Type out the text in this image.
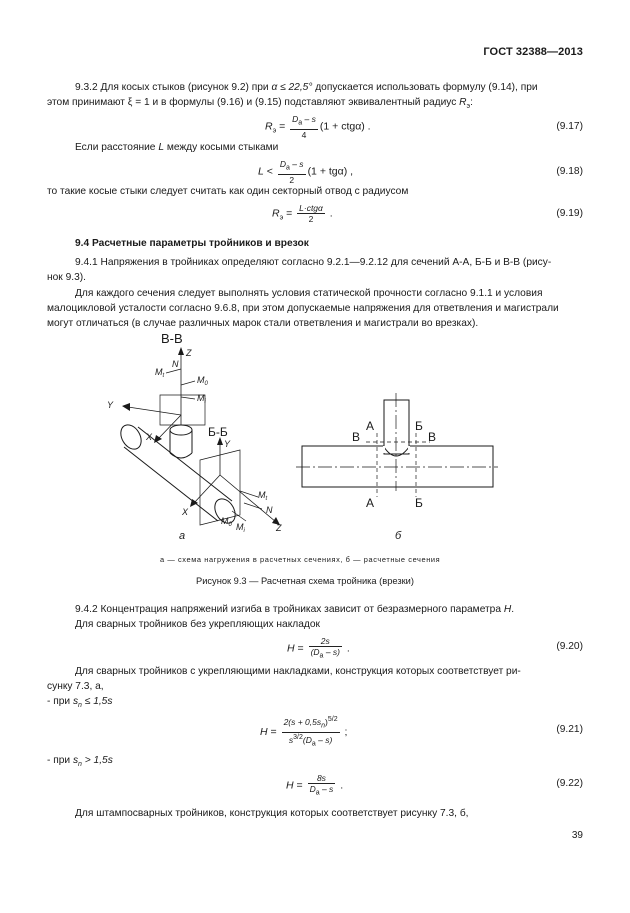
ГОСТ 32388—2013
9.3.2 Для косых стыков (рисунок 9.2) при α ≤ 22,5° допускается использовать формулу (9.14), при
этом принимают ξ = 1 и в формулы (9.16) и (9.15) подставляют эквивалентный радиус $R_э$:
$R_э = \frac{D_a - s}{4} (1 + ctg\alpha)$ .	(9.17)
Если расстояние L между косыми стыками
$L < \frac{D_a - s}{2} (1 + tg\alpha)$ ,	(9.18)
то такие косые стыки следует считать как один секторный отвод с радиусом
$R_э = \frac{\text{L·ctgα}}{2}$ .	(9.19)
9.4 Расчетные параметры тройников и врезок
9.4.1 Напряжения в тройниках определяют согласно 9.2.1—9.2.12 для сечений А-А, Б-Б и В-В (рису-
нок 9.3).
Для каждого сечения следует выполнять условия статической прочности согласно 9.1.1 и условия
малоцикловой усталости согласно 9.6.8, при этом допускаемые напряжения для ответвления и магистрали
могут отличаться (в случае различных марок стали ответвления и магистрали во врезках).
В-В
Б-Б
Z
N
$M_t$	$M_0$
$M_i$
Y
X
Y
X
$M_t$
N
$M_0$ $M_i$	Z
А	Б
В	В
А	Б
а	б
а — схема нагружения в расчетных сечениях, б — расчетные сечения
Рисунок 9.3 — Расчетная схема тройника (врезки)
9.4.2 Концентрация напряжений изгиба в тройниках зависит от безразмерного параметра H.
Для сварных тройников без укрепляющих накладок
$H = \frac{2s}{(D_a - s)}$ .	(9.20)
Для сварных тройников с укрепляющими накладками, конструкция которых соответствует ри-
сунку 7.3, а,
- при $s_n \le 1,5s$
$H = \frac{2(s + 0,5s_n)^{5/2}}{s^{3/2}(D_a - s)}$ ;	(9.21)
- при $s_n > 1,5s$
$H = \frac{8s}{D_a - s}$ .	(9.22)
Для штампосварных тройников, конструкция которых соответствует рисунку 7.3, б,
39
